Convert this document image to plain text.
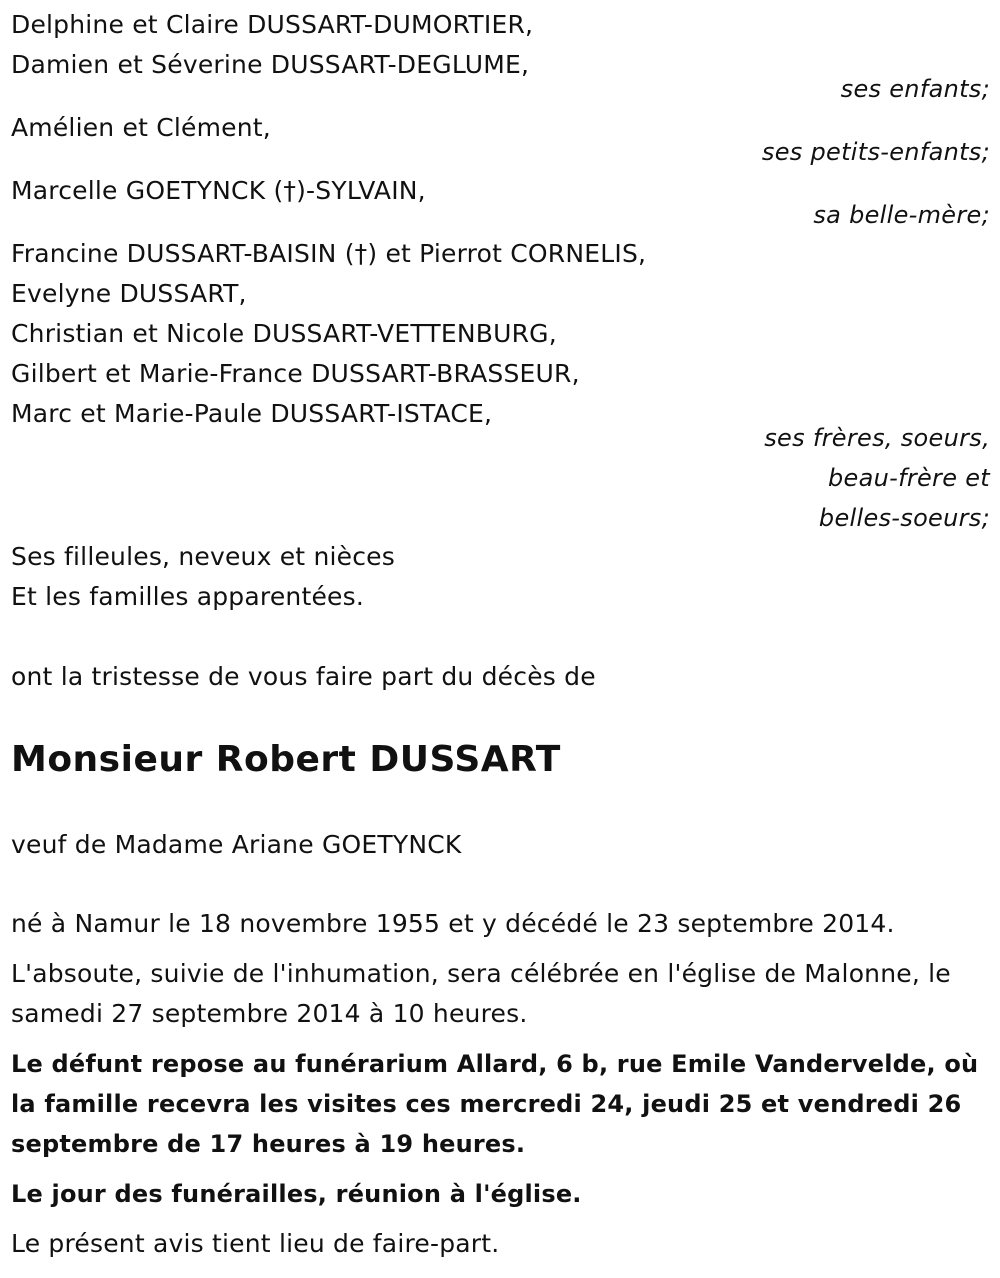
Delphine et Claire DUSSART-DUMORTIER,
Damien et Séverine DUSSART-DEGLUME,
ses enfants;
Amélien et Clément,
ses petits-enfants;
Marcelle GOETYNCK (†)-SYLVAIN,
sa belle-mère;
Francine DUSSART-BAISIN (†) et Pierrot CORNELIS,
Evelyne DUSSART,
Christian et Nicole DUSSART-VETTENBURG,
Gilbert et Marie-France DUSSART-BRASSEUR,
Marc et Marie-Paule DUSSART-ISTACE,
ses frères, soeurs,
beau-frère et
belles-soeurs;
Ses filleules, neveux et nièces
Et les familles apparentées.
ont la tristesse de vous faire part du décès de
Monsieur Robert DUSSART
veuf de Madame Ariane GOETYNCK
né à Namur le 18 novembre 1955 et y décédé le 23 septembre 2014.
L'absoute, suivie de l'inhumation, sera célébrée en l'église de Malonne, le
samedi 27 septembre 2014 à 10 heures.
Le défunt repose au funérarium Allard, 6 b, rue Emile Vandervelde, où
la famille recevra les visites ces mercredi 24, jeudi 25 et vendredi 26
septembre de 17 heures à 19 heures.
Le jour des funérailles, réunion à l'église.
Le présent avis tient lieu de faire-part.
